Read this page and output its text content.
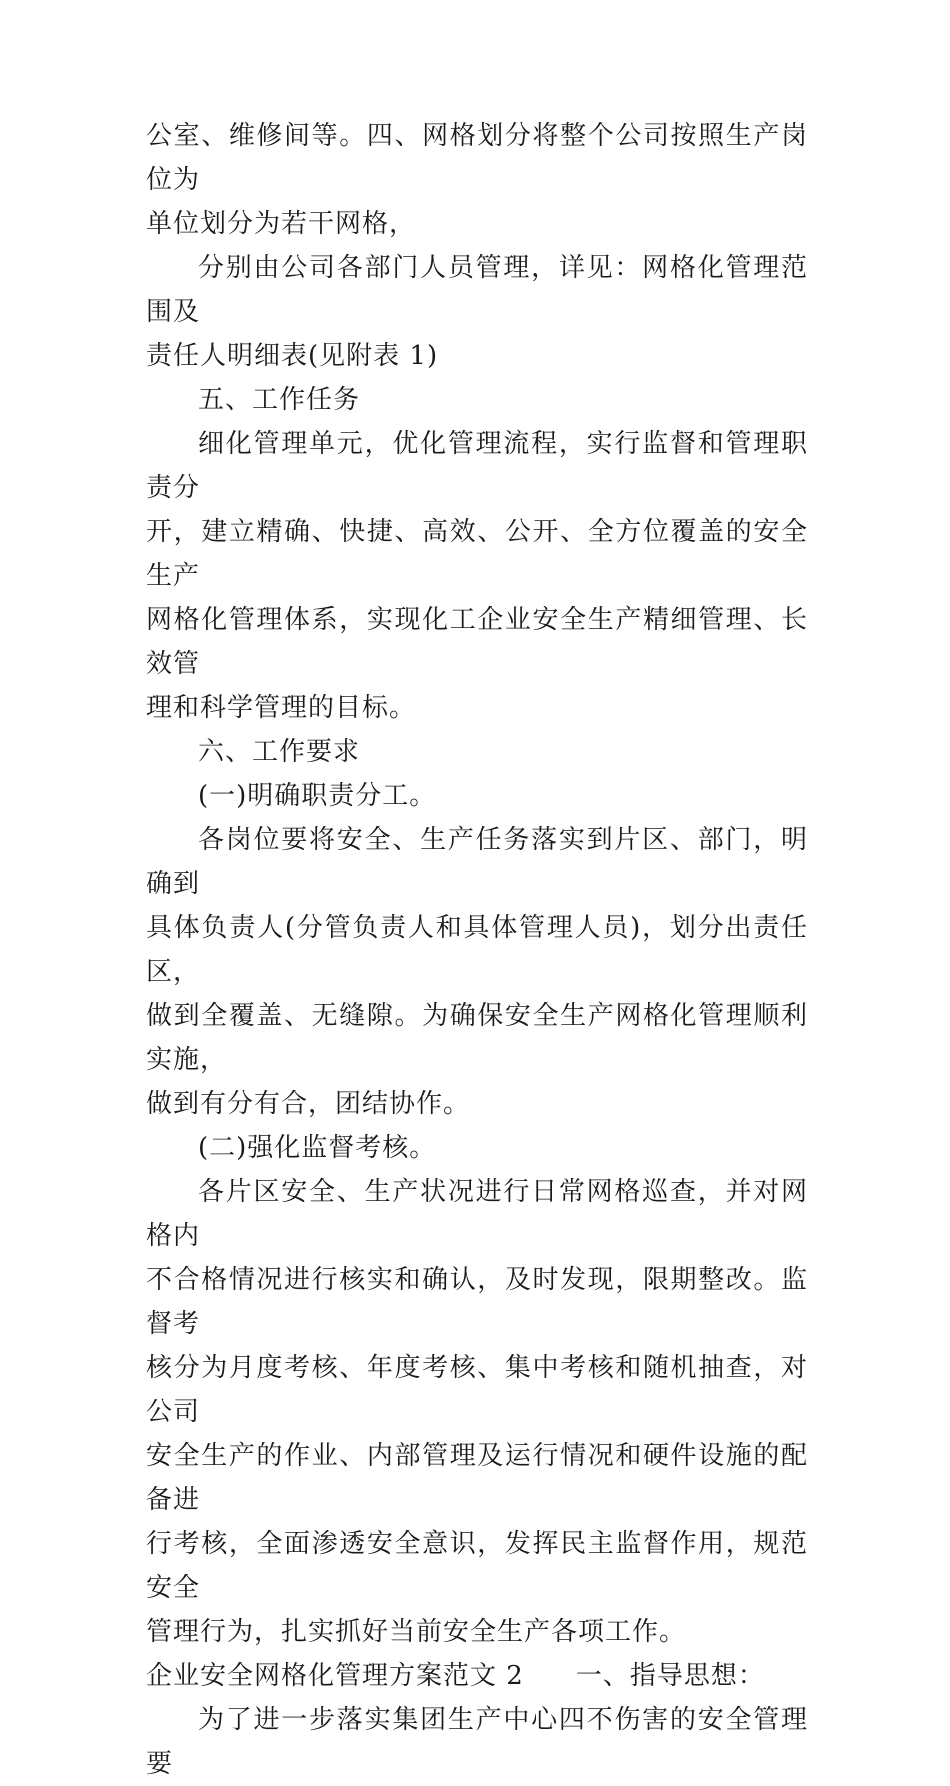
公室、维修间等。四、网格划分将整个公司按照生产岗位为
单位划分为若干网格，

分别由公司各部门人员管理，详见：网格化管理范围及
责任人明细表(见附表 1)

五、工作任务

细化管理单元，优化管理流程，实行监督和管理职责分
开，建立精确、快捷、高效、公开、全方位覆盖的安全生产
网格化管理体系，实现化工企业安全生产精细管理、长效管
理和科学管理的目标。

六、工作要求

(一)明确职责分工。

各岗位要将安全、生产任务落实到片区、部门，明确到
具体负责人(分管负责人和具体管理人员)，划分出责任区，
做到全覆盖、无缝隙。为确保安全生产网格化管理顺利实施，
做到有分有合，团结协作。

(二)强化监督考核。

各片区安全、生产状况进行日常网格巡查，并对网格内
不合格情况进行核实和确认，及时发现，限期整改。监督考
核分为月度考核、年度考核、集中考核和随机抽查，对公司
安全生产的作业、内部管理及运行情况和硬件设施的配备进
行考核，全面渗透安全意识，发挥民主监督作用，规范安全
管理行为，扎实抓好当前安全生产各项工作。

企业安全网格化管理方案范文 2 一、指导思想：

为了进一步落实集团生产中心四不伤害的安全管理要
